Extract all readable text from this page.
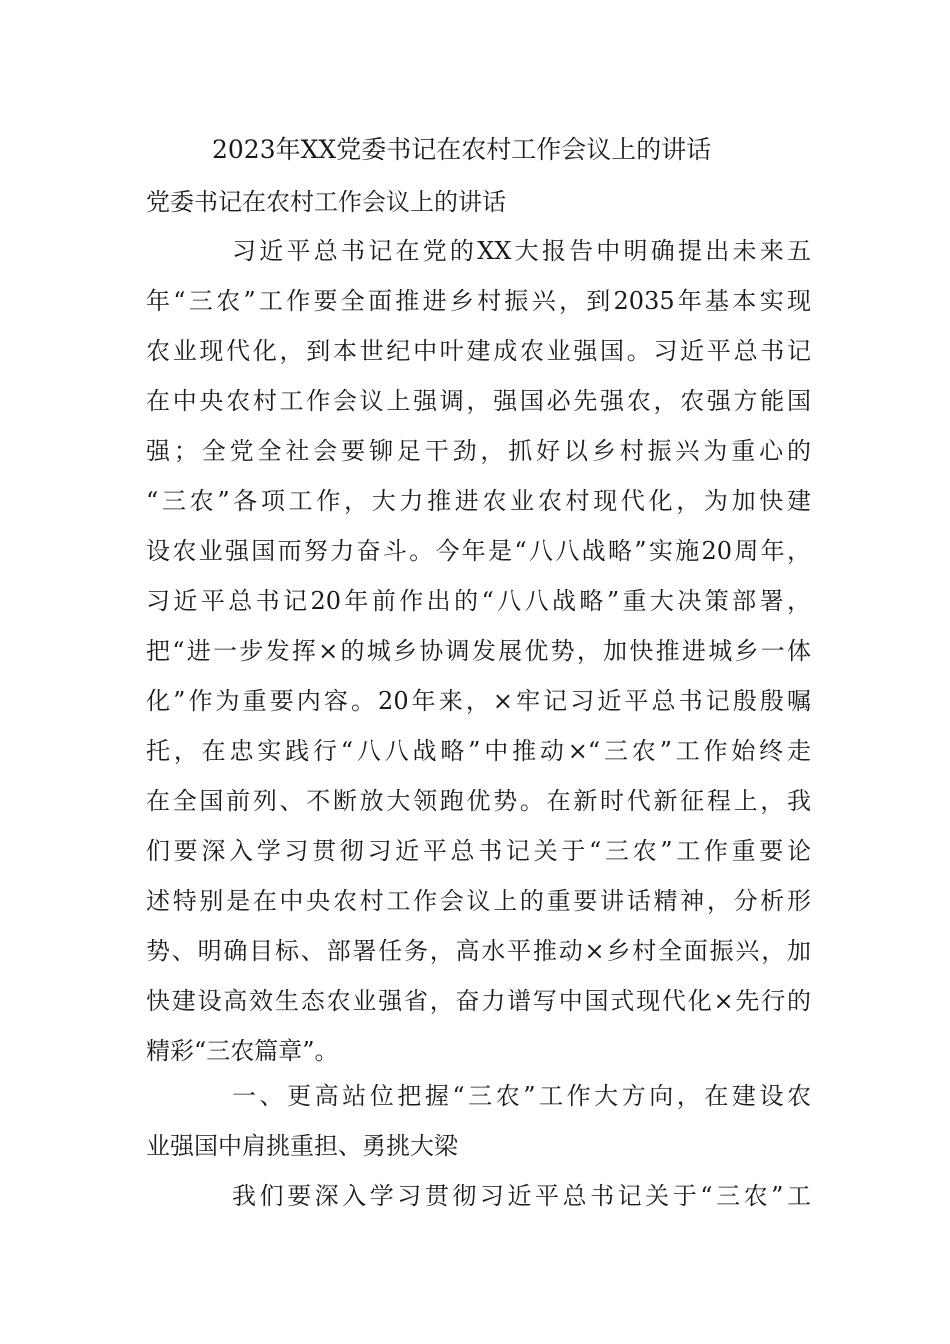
2023年XX党委书记在农村工作会议上的讲话
党委书记在农村工作会议上的讲话
习近平总书记在党的XX大报告中明确提出未来五
年“三农”工作要全面推进乡村振兴，到2035年基本实现
农业现代化，到本世纪中叶建成农业强国。习近平总书记
在中央农村工作会议上强调，强国必先强农，农强方能国
强；全党全社会要铆足干劲，抓好以乡村振兴为重心的
“三农”各项工作，大力推进农业农村现代化，为加快建
设农业强国而努力奋斗。今年是“八八战略”实施20周年，
习近平总书记20年前作出的“八八战略”重大决策部署，
把“进一步发挥×的城乡协调发展优势，加快推进城乡一体
化”作为重要内容。20年来，×牢记习近平总书记殷殷嘱
托，在忠实践行“八八战略”中推动×“三农”工作始终走
在全国前列、不断放大领跑优势。在新时代新征程上，我
们要深入学习贯彻习近平总书记关于“三农”工作重要论
述特别是在中央农村工作会议上的重要讲话精神，分析形
势、明确目标、部署任务，高水平推动×乡村全面振兴，加
快建设高效生态农业强省，奋力谱写中国式现代化×先行的
精彩“三农篇章”。
一、更高站位把握“三农”工作大方向，在建设农
业强国中肩挑重担、勇挑大梁
我们要深入学习贯彻习近平总书记关于“三农”工
